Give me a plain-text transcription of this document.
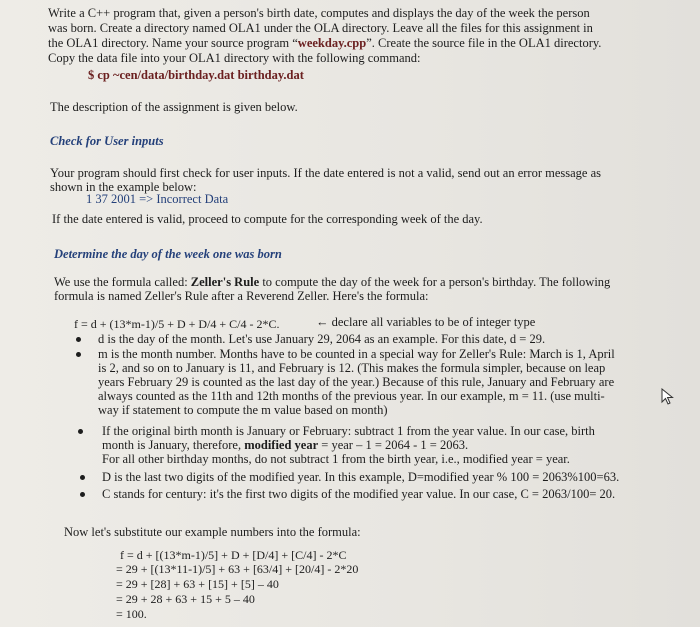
Write a C++ program that, given a person's birth date, computes and displays the day of the week the person
was born. Create a directory named OLA1 under the OLA directory. Leave all the files for this assignment in
the OLA1 directory. Name your source program “weekday.cpp”. Create the source file in the OLA1 directory.
Copy the data file into your OLA1 directory with the following command:
$ cp ~cen/data/birthday.dat birthday.dat
The description of the assignment is given below.
Check for User inputs
Your program should first check for user inputs. If the date entered is not a valid, send out an error message as
shown in the example below:
1 37 2001 => Incorrect Data
If the date entered is valid, proceed to compute for the corresponding week of the day.
Determine the day of the week one was born
We use the formula called: Zeller's Rule to compute the day of the week for a person's birthday. The following
formula is named Zeller's Rule after a Reverend Zeller. Here's the formula:
f = d + (13*m-1)/5 + D + D/4 + C/4 - 2*C.	← declare all variables to be of integer type
d is the day of the month. Let's use January 29, 2064 as an example. For this date, d = 29.
m is the month number. Months have to be counted in a special way for Zeller's Rule: March is 1, April
is 2, and so on to January is 11, and February is 12. (This makes the formula simpler, because on leap
years February 29 is counted as the last day of the year.) Because of this rule, January and February are
always counted as the 11th and 12th months of the previous year. In our example, m = 11. (use multi-
way if statement to compute the m value based on month)
If the original birth month is January or February: subtract 1 from the year value. In our case, birth
month is January, therefore, modified year = year – 1 = 2064 - 1 = 2063.
For all other birthday months, do not subtract 1 from the birth year, i.e., modified year = year.
D is the last two digits of the modified year. In this example, D=modified year % 100 = 2063%100=63.
C stands for century: it's the first two digits of the modified year value. In our case, C = 2063/100= 20.
Now let's substitute our example numbers into the formula:
f = d + [(13*m-1)/5] + D + [D/4] + [C/4] - 2*C
= 29 + [(13*11-1)/5] + 63 + [63/4] + [20/4] - 2*20
= 29 + [28] + 63 + [15] + [5] – 40
= 29 + 28 + 63 + 15 + 5 – 40
= 100.
